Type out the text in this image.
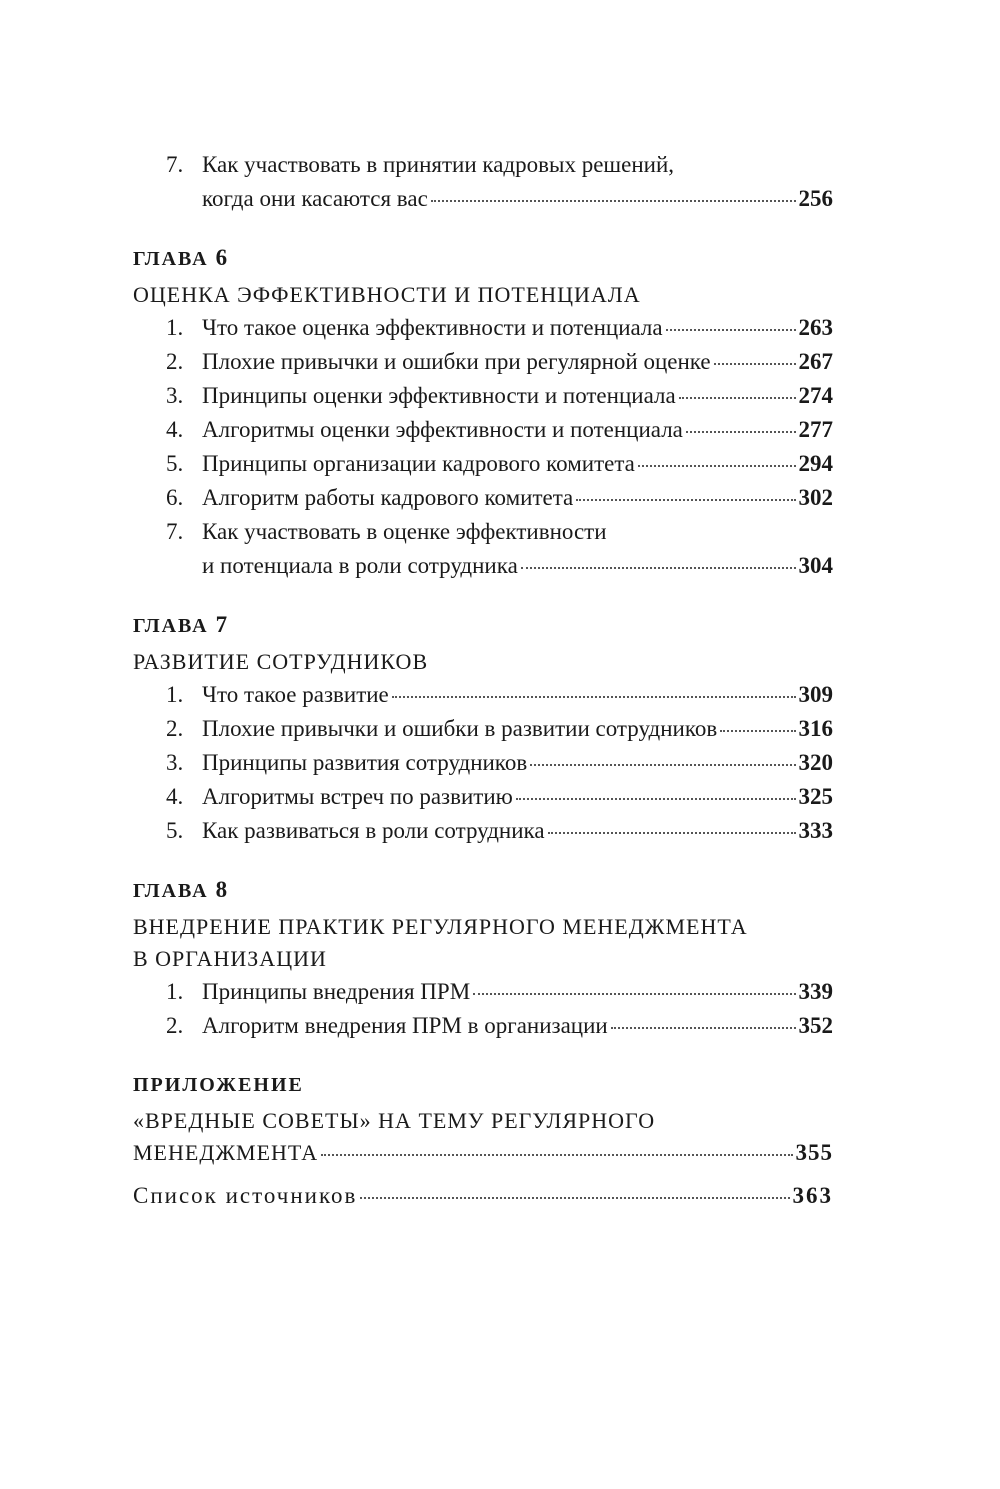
7. Как участвовать в принятии кадровых решений,
когда они касаются вас	256
ГЛАВА 6
ОЦЕНКА ЭФФЕКТИВНОСТИ И ПОТЕНЦИАЛА
1. Что такое оценка эффективности и потенциала	263
2. Плохие привычки и ошибки при регулярной оценке	267
3. Принципы оценки эффективности и потенциала	274
4. Алгоритмы оценки эффективности и потенциала	277
5. Принципы организации кадрового комитета	294
6. Алгоритм работы кадрового комитета	302
7. Как участвовать в оценке эффективности
и потенциала в роли сотрудника	304
ГЛАВА 7
РАЗВИТИЕ СОТРУДНИКОВ
1. Что такое развитие	309
2. Плохие привычки и ошибки в развитии сотрудников	316
3. Принципы развития сотрудников	320
4. Алгоритмы встреч по развитию	325
5. Как развиваться в роли сотрудника	333
ГЛАВА 8
ВНЕДРЕНИЕ ПРАКТИК РЕГУЛЯРНОГО МЕНЕДЖМЕНТА
В ОРГАНИЗАЦИИ
1. Принципы внедрения ПРМ	339
2. Алгоритм внедрения ПРМ в организации	352
ПРИЛОЖЕНИЕ
«ВРЕДНЫЕ СОВЕТЫ» НА ТЕМУ РЕГУЛЯРНОГО
МЕНЕДЖМЕНТА	355
Список источников	363
